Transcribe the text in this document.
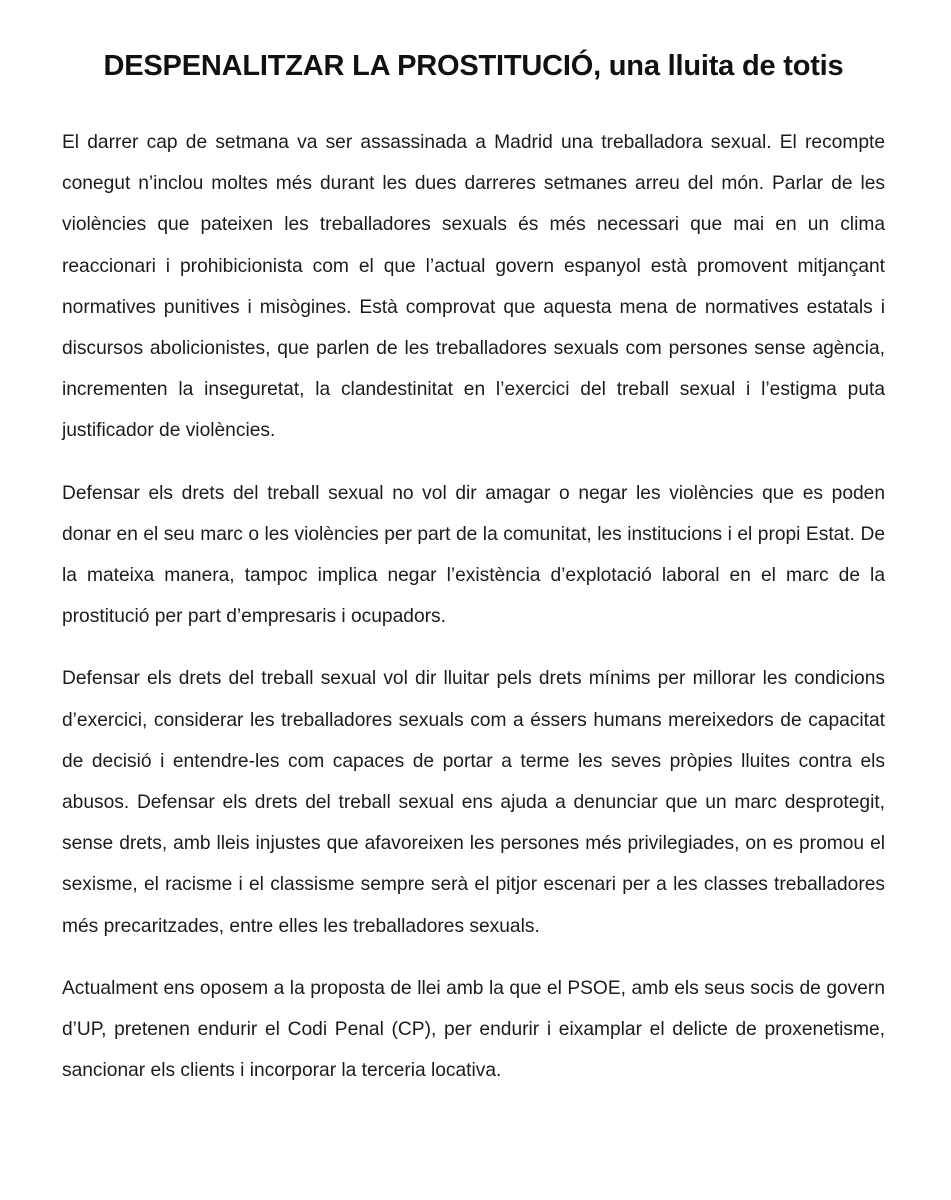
DESPENALITZAR LA PROSTITUCIÓ, una lluita de totis

El darrer cap de setmana va ser assassinada a Madrid una treballadora sexual. El recompte conegut n’inclou moltes més durant les dues darreres setmanes arreu del món. Parlar de les violències que pateixen les treballadores sexuals és més necessari que mai en un clima reaccionari i prohibicionista com el que l’actual govern espanyol està promovent mitjançant normatives punitives i misògines. Està comprovat que aquesta mena de normatives estatals i discursos abolicionistes, que parlen de les treballadores sexuals com persones sense agència, incrementen la inseguretat, la clandestinitat en l’exercici del treball sexual i l’estigma puta justificador de violències.

Defensar els drets del treball sexual no vol dir amagar o negar les violències que es poden donar en el seu marc o les violències per part de la comunitat, les institucions i el propi Estat. De la mateixa manera, tampoc implica negar l’existència d’explotació laboral en el marc de la prostitució per part d’empresaris i ocupadors.

Defensar els drets del treball sexual vol dir lluitar pels drets mínims per millorar les condicions d’exercici, considerar les treballadores sexuals com a éssers humans mereixedors de capacitat de decisió i entendre-les com capaces de portar a terme les seves pròpies lluites contra els abusos. Defensar els drets del treball sexual ens ajuda a denunciar que un marc desprotegit, sense drets, amb lleis injustes que afavoreixen les persones més privilegiades, on es promou el sexisme, el racisme i el classisme sempre serà el pitjor escenari per a les classes treballadores més precaritzades, entre elles les treballadores sexuals.

Actualment ens oposem a la proposta de llei amb la que el PSOE, amb els seus socis de govern d’UP, pretenen endurir el Codi Penal (CP), per endurir i eixamplar el delicte de proxenetisme, sancionar els clients i incorporar la terceria locativa.
